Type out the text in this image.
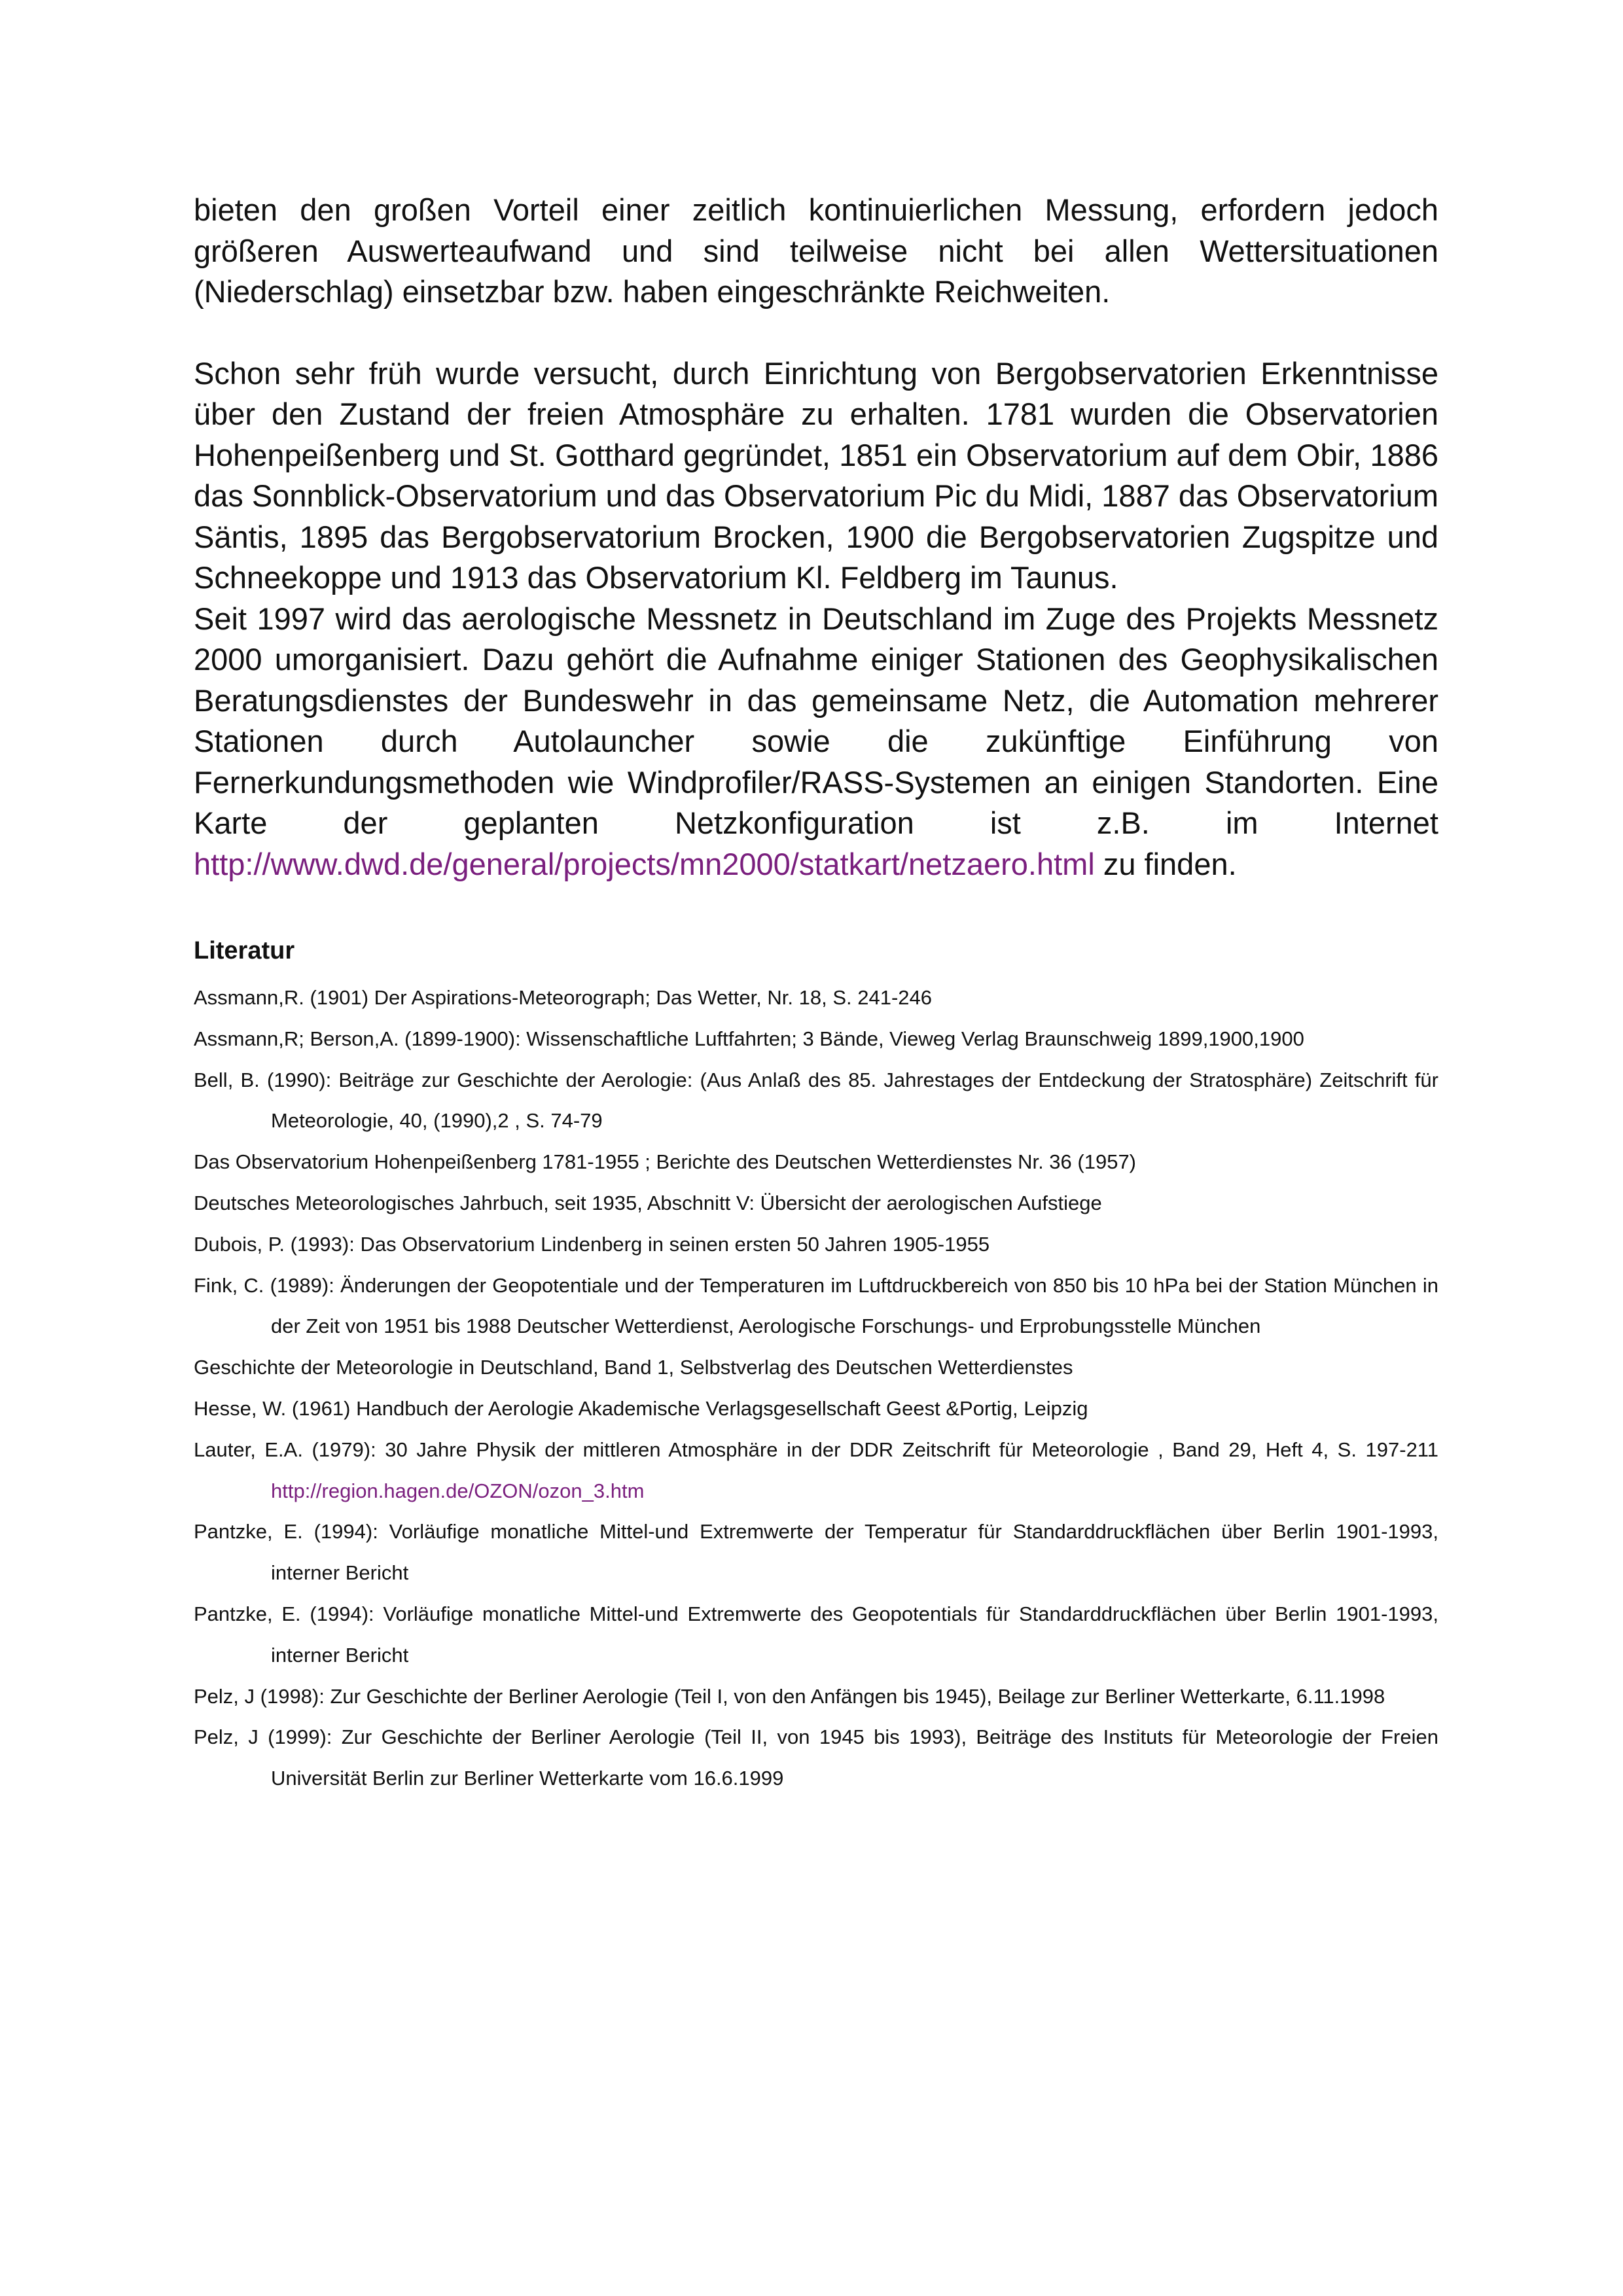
bieten den großen Vorteil einer zeitlich kontinuierlichen Messung, erfordern jedoch größeren Auswerteaufwand und sind teilweise nicht bei allen Wettersituationen (Niederschlag) einsetzbar bzw. haben eingeschränkte Reichweiten.

Schon sehr früh wurde versucht, durch Einrichtung von Bergobservatorien Erkenntnisse über den Zustand der freien Atmosphäre zu erhalten. 1781 wurden die Observatorien Hohenpeißenberg und St. Gotthard gegründet, 1851 ein Observatorium auf dem Obir, 1886 das Sonnblick-Observatorium und das Observatorium Pic du Midi, 1887 das Observatorium Säntis, 1895 das Bergobservatorium Brocken, 1900 die Bergobservatorien Zugspitze und Schneekoppe und 1913 das Observatorium Kl. Feldberg im Taunus.

Seit 1997 wird das aerologische Messnetz in Deutschland im Zuge des Projekts Messnetz 2000 umorganisiert. Dazu gehört die Aufnahme einiger Stationen des Geophysikalischen Beratungsdienstes der Bundeswehr in das gemeinsame Netz, die Automation mehrerer Stationen durch Autolauncher sowie die zukünftige Einführung von Fernerkundungsmethoden wie Windprofiler/RASS-Systemen an einigen Standorten. Eine Karte der geplanten Netzkonfiguration ist z.B. im Internet http://www.dwd.de/general/projects/mn2000/statkart/netzaero.html zu finden.

Literatur

Assmann,R. (1901) Der Aspirations-Meteorograph; Das Wetter, Nr. 18, S. 241-246

Assmann,R; Berson,A. (1899-1900): Wissenschaftliche Luftfahrten; 3 Bände, Vieweg Verlag Braunschweig 1899,1900,1900

Bell, B. (1990): Beiträge zur Geschichte der Aerologie: (Aus Anlaß des 85. Jahrestages der Entdeckung der Stratosphäre) Zeitschrift für Meteorologie, 40, (1990),2 , S. 74-79

Das Observatorium Hohenpeißenberg 1781-1955 ; Berichte des Deutschen Wetterdienstes Nr. 36 (1957)

Deutsches Meteorologisches Jahrbuch, seit 1935, Abschnitt V: Übersicht der aerologischen Aufstiege

Dubois, P. (1993): Das Observatorium Lindenberg in seinen ersten 50 Jahren 1905-1955

Fink, C. (1989): Änderungen der Geopotentiale und der Temperaturen im Luftdruckbereich von 850 bis 10 hPa bei der Station München in der Zeit von 1951 bis 1988 Deutscher Wetterdienst, Aerologische Forschungs- und Erprobungsstelle München

Geschichte der Meteorologie in Deutschland, Band 1, Selbstverlag des Deutschen Wetterdienstes

Hesse, W. (1961) Handbuch der Aerologie Akademische Verlagsgesellschaft Geest &Portig, Leipzig

Lauter, E.A. (1979): 30 Jahre Physik der mittleren Atmosphäre in der DDR Zeitschrift für Meteorologie , Band 29, Heft 4, S. 197-211 http://region.hagen.de/OZON/ozon_3.htm

Pantzke, E. (1994): Vorläufige monatliche Mittel-und Extremwerte der Temperatur für Standarddruckflächen über Berlin 1901-1993, interner Bericht

Pantzke, E. (1994): Vorläufige monatliche Mittel-und Extremwerte des Geopotentials für Standarddruckflächen über Berlin 1901-1993, interner Bericht

Pelz, J (1998): Zur Geschichte der Berliner Aerologie (Teil I, von den Anfängen bis 1945), Beilage zur Berliner Wetterkarte, 6.11.1998

Pelz, J (1999): Zur Geschichte der Berliner Aerologie (Teil II, von 1945 bis 1993), Beiträge des Instituts für Meteorologie der Freien Universität Berlin zur Berliner Wetterkarte vom 16.6.1999
